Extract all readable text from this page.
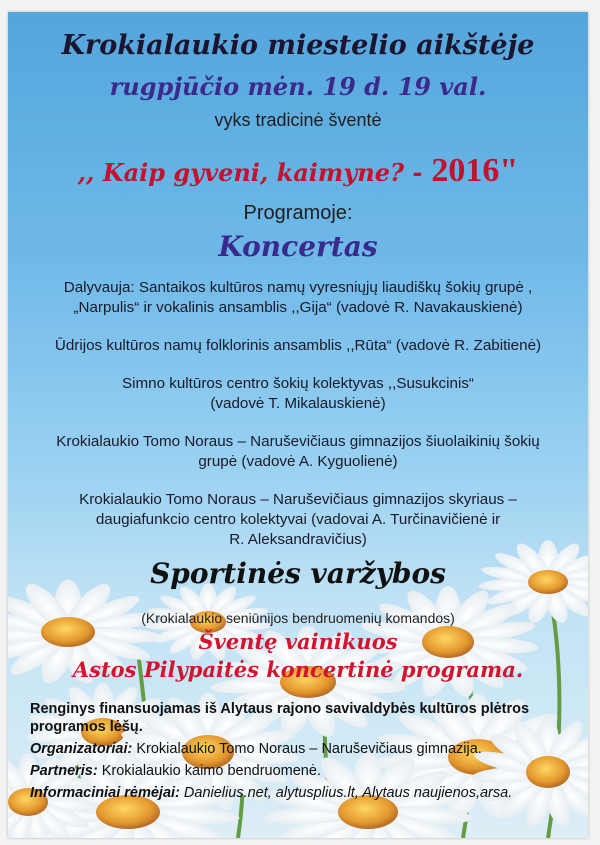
Krokialaukio miestelio aikštėje

rugpjūčio mėn. 19 d. 19 val.

vyks tradicinė šventė

,, Kaip gyveni, kaimyne? - 2016"

Programoje:

Koncertas

Dalyvauja: Santaikos kultūros namų vyresniųjų liaudiškų šokių grupė ,
„Narpulis“ ir vokalinis ansamblis ,,Gija“ (vadovė R. Navakauskienė)

Ūdrijos kultūros namų folklorinis ansamblis ,,Rūta“ (vadovė R. Zabitienė)

Simno kultūros centro šokių kolektyvas ,,Susukcinis“
(vadovė T. Mikalauskienė)

Krokialaukio Tomo Noraus – Naruševičiaus gimnazijos šiuolaikinių šokių
grupė (vadovė A. Kyguolienė)

Krokialaukio Tomo Noraus – Naruševičiaus gimnazijos skyriaus –
daugiafunkcio centro kolektyvai (vadovai A. Turčinavičienė ir
R. Aleksandravičius)

Sportinės varžybos

(Krokialaukio seniūnijos bendruomenių komandos)

Šventę vainikuos

Astos Pilypaitės koncertinė programa.

Renginys finansuojamas iš Alytaus rajono savivaldybės kultūros plėtros programos lėšų.

Organizatoriai: Krokialaukio Tomo Noraus – Naruševičiaus gimnazija.

Partneris: Krokialaukio kaimo bendruomenė.

Informaciniai rėmėjai: Danielius.net, alytusplius.lt, Alytaus naujienos,arsa.
